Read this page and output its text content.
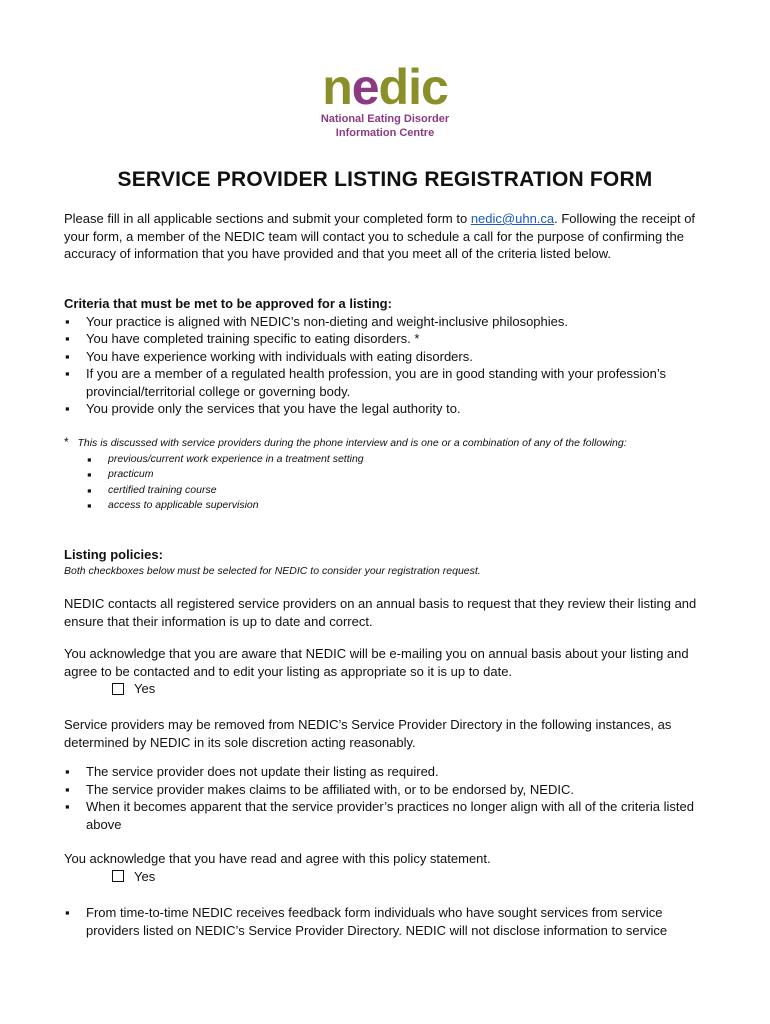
nedic
National Eating Disorder
Information Centre
SERVICE PROVIDER LISTING REGISTRATION FORM

Please fill in all applicable sections and submit your completed form to nedic@uhn.ca. Following the receipt of your form, a member of the NEDIC team will contact you to schedule a call for the purpose of confirming the accuracy of information that you have provided and that you meet all of the criteria listed below.

Criteria that must be met to be approved for a listing:

▪ Your practice is aligned with NEDIC’s non-dieting and weight-inclusive philosophies.
▪ You have completed training specific to eating disorders. *
▪ You have experience working with individuals with eating disorders.
▪ If you are a member of a regulated health profession, you are in good standing with your profession’s provincial/territorial college or governing body.
▪ You provide only the services that you have the legal authority to.

* This is discussed with service providers during the phone interview and is one or a combination of any of the following:

▪ previous/current work experience in a treatment setting
▪ practicum
▪ certified training course
▪ access to applicable supervision

Listing policies:

Both checkboxes below must be selected for NEDIC to consider your registration request.

NEDIC contacts all registered service providers on an annual basis to request that they review their listing and ensure that their information is up to date and correct.

You acknowledge that you are aware that NEDIC will be e-mailing you on annual basis about your listing and agree to be contacted and to edit your listing as appropriate so it is up to date.

Yes

Service providers may be removed from NEDIC’s Service Provider Directory in the following instances, as determined by NEDIC in its sole discretion acting reasonably.

▪ The service provider does not update their listing as required.
▪ The service provider makes claims to be affiliated with, or to be endorsed by, NEDIC.
▪ When it becomes apparent that the service provider’s practices no longer align with all of the criteria listed above

You acknowledge that you have read and agree with this policy statement.

Yes
▪ From time-to-time NEDIC receives feedback form individuals who have sought services from service providers listed on NEDIC’s Service Provider Directory. NEDIC will not disclose information to service
